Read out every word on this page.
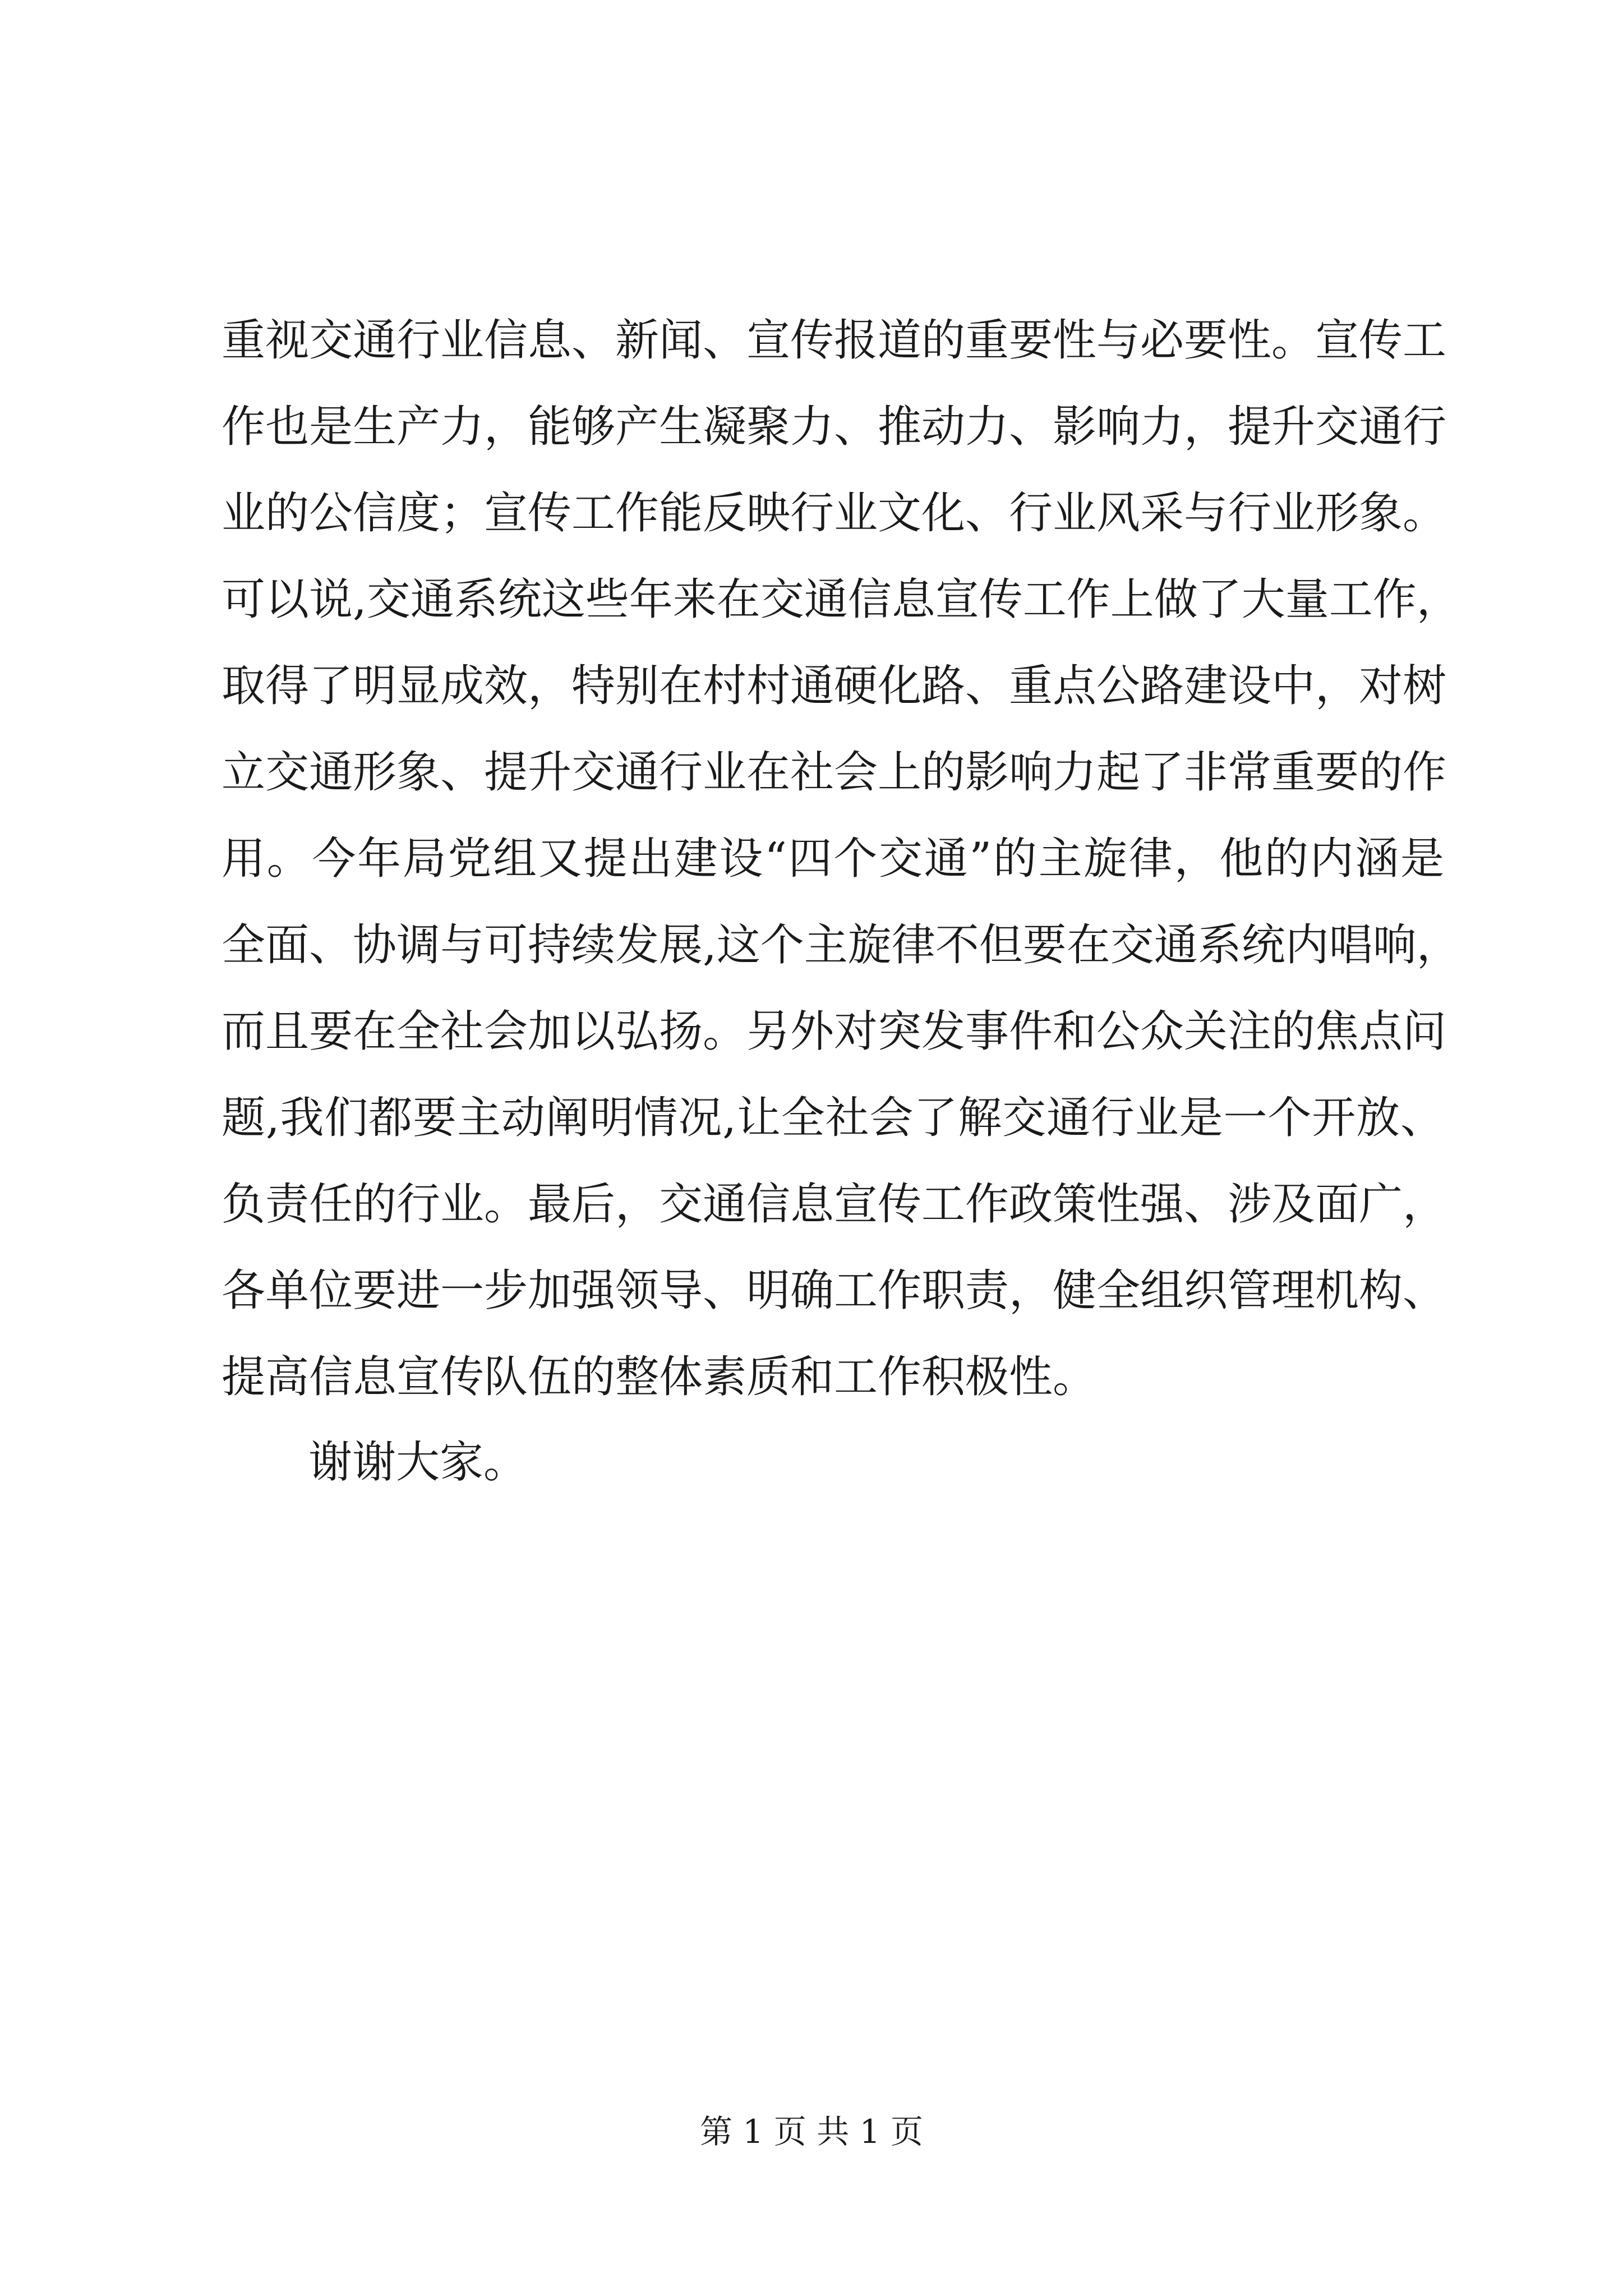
重视交通行业信息、新闻、宣传报道的重要性与必要性。宣传工
作也是生产力，能够产生凝聚力、推动力、影响力，提升交通行
业的公信度；宣传工作能反映行业文化、行业风采与行业形象。
可以说,交通系统这些年来在交通信息宣传工作上做了大量工作，
取得了明显成效，特别在村村通硬化路、重点公路建设中，对树
立交通形象、提升交通行业在社会上的影响力起了非常重要的作
用。今年局党组又提出建设“四个交通”的主旋律，他的内涵是
全面、协调与可持续发展,这个主旋律不但要在交通系统内唱响，
而且要在全社会加以弘扬。另外对突发事件和公众关注的焦点问
题,我们都要主动阐明情况,让全社会了解交通行业是一个开放、
负责任的行业。最后，交通信息宣传工作政策性强、涉及面广，
各单位要进一步加强领导、明确工作职责，健全组织管理机构、
提高信息宣传队伍的整体素质和工作积极性。
谢谢大家。
第 1 页 共 1 页
